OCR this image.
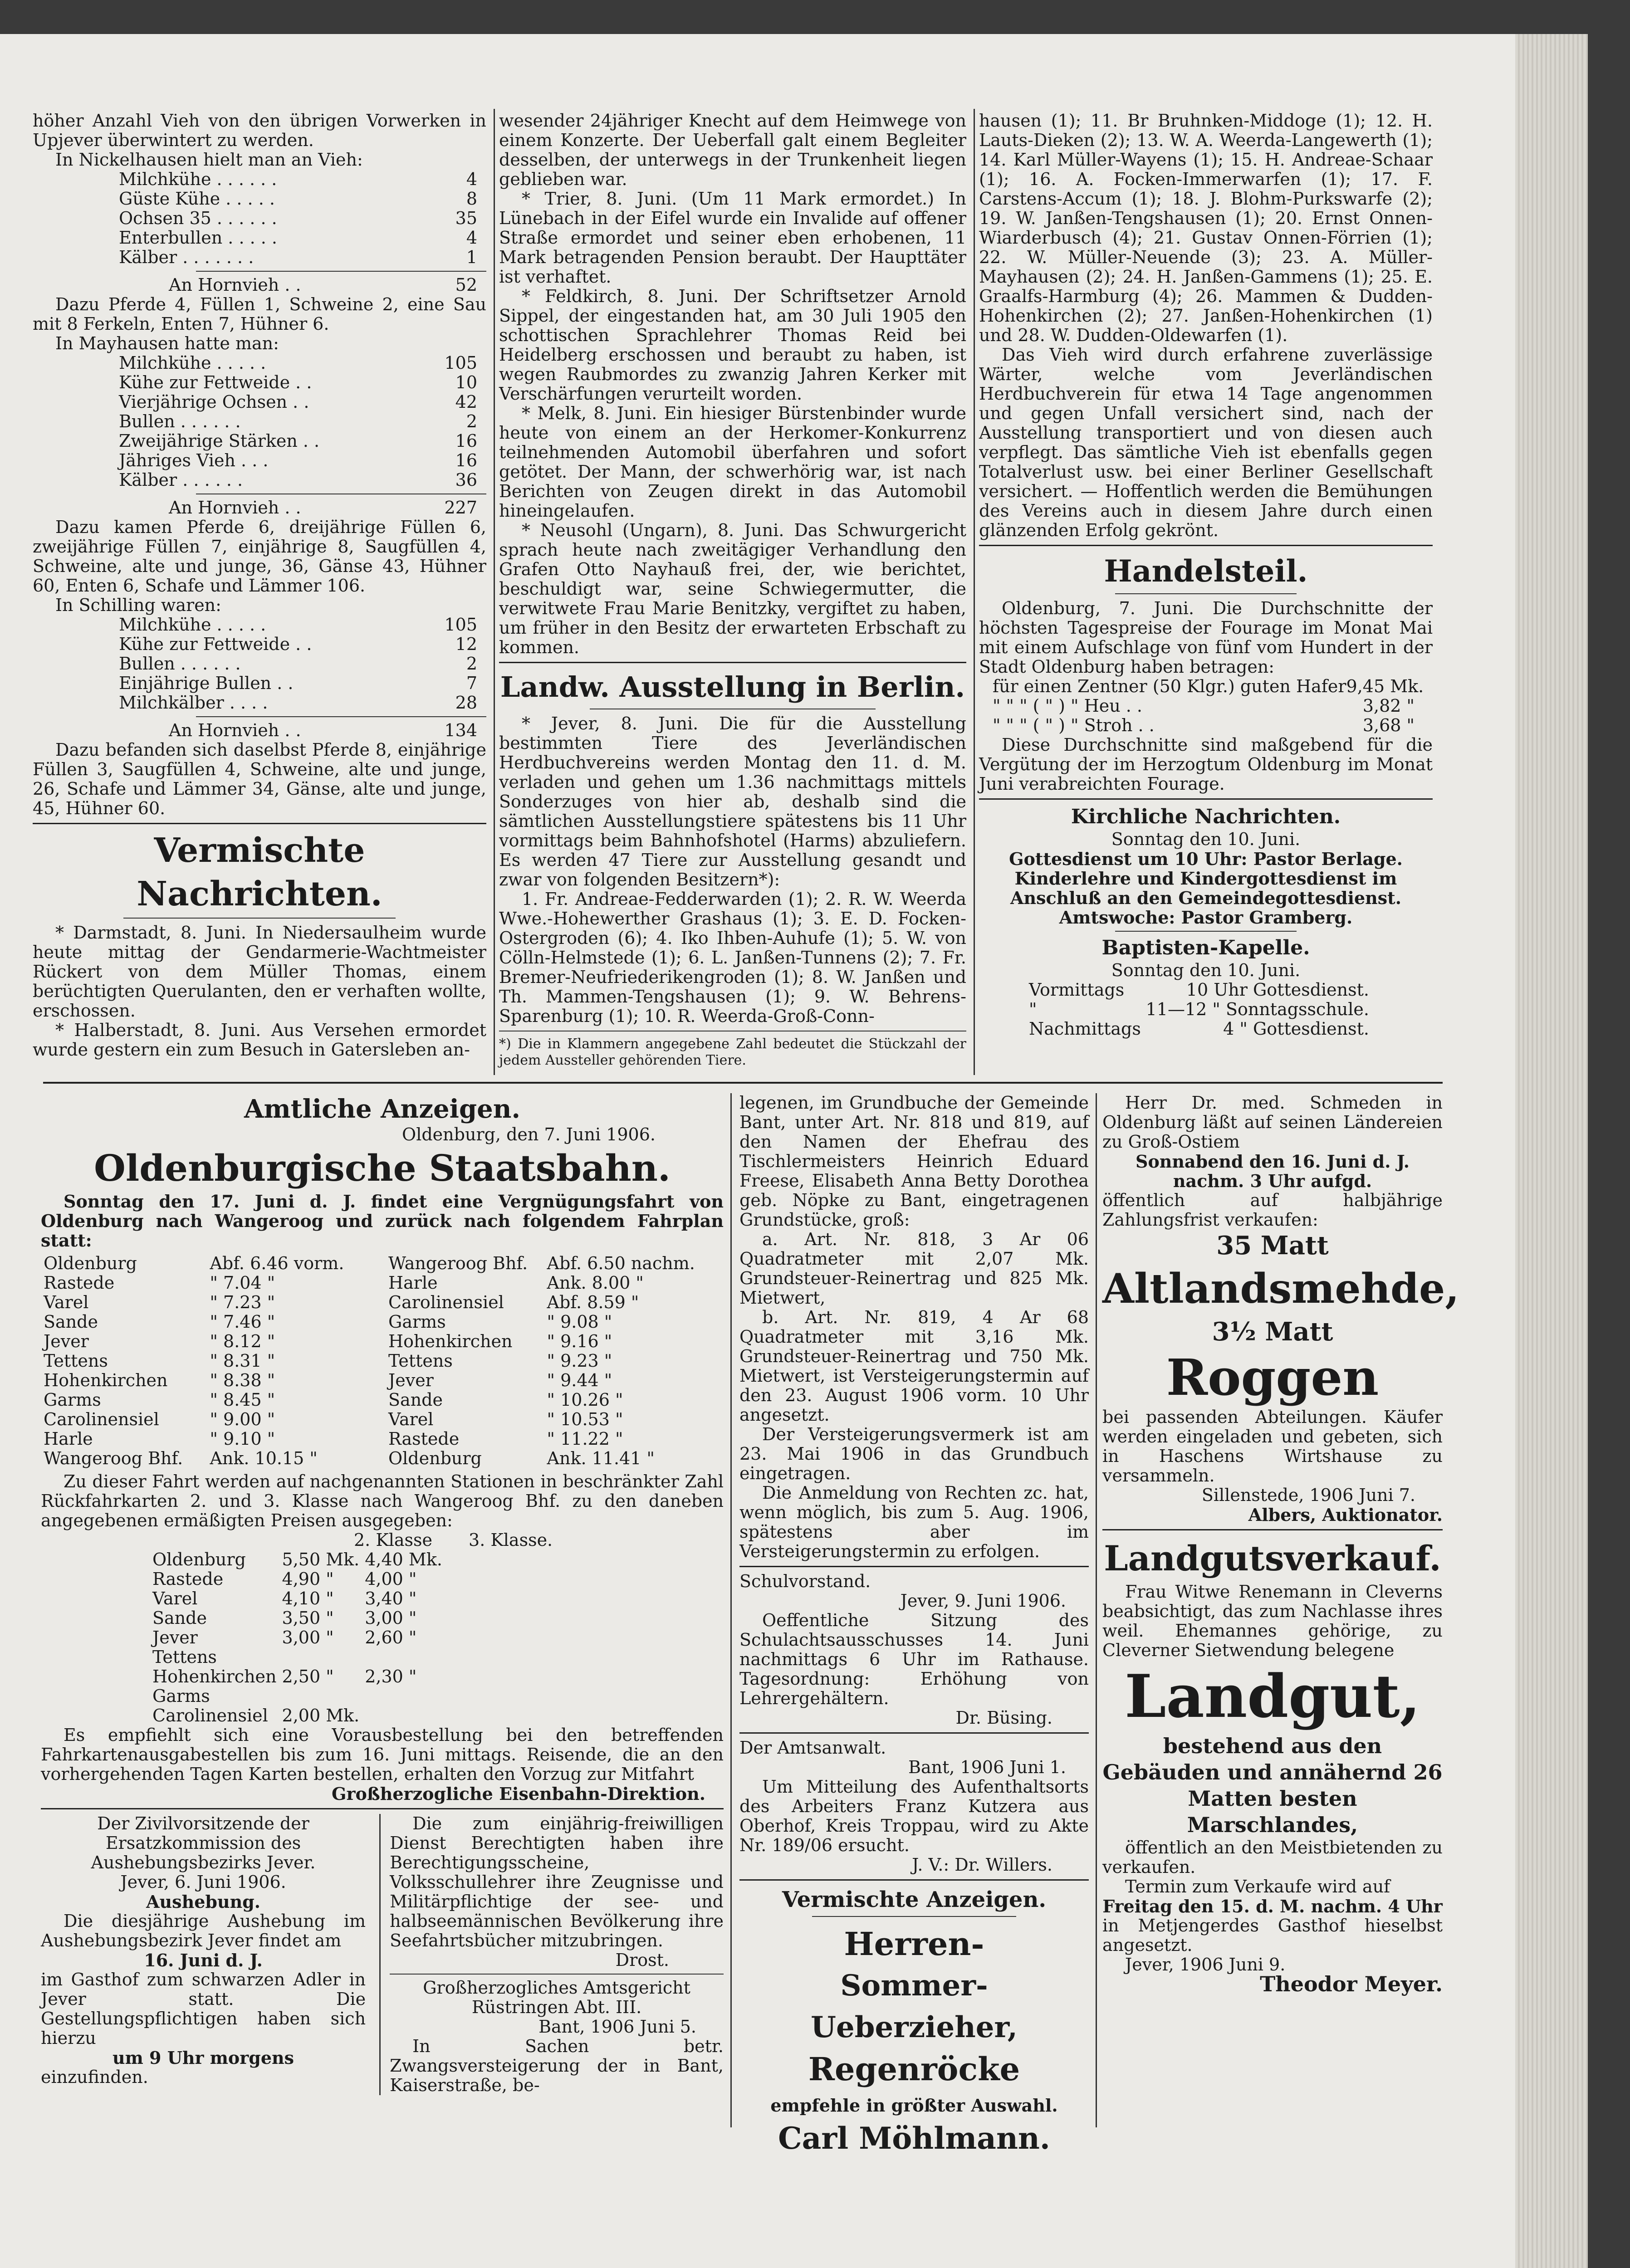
höher Anzahl Vieh von den übrigen Vorwerken in Upjever überwintert zu werden.

In Nickelhausen hielt man an Vieh:

Milchkühe . . . . . .	4
Güste Kühe . . . . .	8
Ochsen 35 . . . . . .	35
Enterbullen . . . . .	4
Kälber . . . . . . .	1
An Hornvieh . .	52

Dazu Pferde 4, Füllen 1, Schweine 2, eine Sau mit 8 Ferkeln, Enten 7, Hühner 6.

In Mayhausen hatte man:

Milchkühe . . . . .	105
Kühe zur Fettweide . .	10
Vierjährige Ochsen . .	42
Bullen . . . . . .	2
Zweijährige Stärken . .	16
Jähriges Vieh . . .	16
Kälber . . . . . .	36
An Hornvieh . .	227

Dazu kamen Pferde 6, dreijährige Füllen 6, zweijährige Füllen 7, einjährige 8, Saugfüllen 4, Schweine, alte und junge, 36, Gänse 43, Hühner 60, Enten 6, Schafe und Lämmer 106.

In Schilling waren:

Milchkühe . . . . .	105
Kühe zur Fettweide . .	12
Bullen . . . . . .	2
Einjährige Bullen . .	7
Milchkälber . . . .	28
An Hornvieh . .	134

Dazu befanden sich daselbst Pferde 8, einjährige Füllen 3, Saugfüllen 4, Schweine, alte und junge, 26, Schafe und Lämmer 34, Gänse, alte und junge, 45, Hühner 60.

Vermischte Nachrichten.

* Darmstadt, 8. Juni. In Niedersaulheim wurde heute mittag der Gendarmerie-Wachtmeister Rückert von dem Müller Thomas, einem berüchtigten Querulanten, den er verhaften wollte, erschossen.

* Halberstadt, 8. Juni. Aus Versehen ermordet wurde gestern ein zum Besuch in Gatersleben an-

wesender 24jähriger Knecht auf dem Heimwege von einem Konzerte. Der Ueberfall galt einem Begleiter desselben, der unterwegs in der Trunkenheit liegen geblieben war.

* Trier, 8. Juni. (Um 11 Mark ermordet.) In Lünebach in der Eifel wurde ein Invalide auf offener Straße ermordet und seiner eben erhobenen, 11 Mark betragenden Pension beraubt. Der Haupttäter ist verhaftet.

* Feldkirch, 8. Juni. Der Schriftsetzer Arnold Sippel, der eingestanden hat, am 30 Juli 1905 den schottischen Sprachlehrer Thomas Reid bei Heidelberg erschossen und beraubt zu haben, ist wegen Raubmordes zu zwanzig Jahren Kerker mit Verschärfungen verurteilt worden.

* Melk, 8. Juni. Ein hiesiger Bürstenbinder wurde heute von einem an der Herkomer-Konkurrenz teilnehmenden Automobil überfahren und sofort getötet. Der Mann, der schwerhörig war, ist nach Berichten von Zeugen direkt in das Automobil hineingelaufen.

* Neusohl (Ungarn), 8. Juni. Das Schwurgericht sprach heute nach zweitägiger Verhandlung den Grafen Otto Nayhauß frei, der, wie berichtet, beschuldigt war, seine Schwiegermutter, die verwitwete Frau Marie Benitzky, vergiftet zu haben, um früher in den Besitz der erwarteten Erbschaft zu kommen.

Landw. Ausstellung in Berlin.

* Jever, 8. Juni. Die für die Ausstellung bestimmten Tiere des Jeverländischen Herdbuchvereins werden Montag den 11. d. M. verladen und gehen um 1.36 nachmittags mittels Sonderzuges von hier ab, deshalb sind die sämtlichen Ausstellungstiere spätestens bis 11 Uhr vormittags beim Bahnhofshotel (Harms) abzuliefern. Es werden 47 Tiere zur Ausstellung gesandt und zwar von folgenden Besitzern*):

1. Fr. Andreae-Fedderwarden (1); 2. R. W. Weerda Wwe.-Hohewerther Grashaus (1); 3. E. D. Focken-Ostergroden (6); 4. Iko Ihben-Auhufe (1); 5. W. von Cölln-Helmstede (1); 6. L. Janßen-Tunnens (2); 7. Fr. Bremer-Neufriederikengroden (1); 8. W. Janßen und Th. Mammen-Tengshausen (1); 9. W. Behrens-Sparenburg (1); 10. R. Weerda-Groß-Conn-

*) Die in Klammern angegebene Zahl bedeutet die Stückzahl der jedem Aussteller gehörenden Tiere.

hausen (1); 11. Br Bruhnken-Middoge (1); 12. H. Lauts-Dieken (2); 13. W. A. Weerda-Langewerth (1); 14. Karl Müller-Wayens (1); 15. H. Andreae-Schaar (1); 16. A. Focken-Immerwarfen (1); 17. F. Carstens-Accum (1); 18. J. Blohm-Purkswarfe (2); 19. W. Janßen-Tengshausen (1); 20. Ernst Onnen-Wiarderbusch (4); 21. Gustav Onnen-Förrien (1); 22. W. Müller-Neuende (3); 23. A. Müller-Mayhausen (2); 24. H. Janßen-Gammens (1); 25. E. Graalfs-Harmburg (4); 26. Mammen & Dudden-Hohenkirchen (2); 27. Janßen-Hohenkirchen (1) und 28. W. Dudden-Oldewarfen (1).

Das Vieh wird durch erfahrene zuverlässige Wärter, welche vom Jeverländischen Herdbuchverein für etwa 14 Tage angenommen und gegen Unfall versichert sind, nach der Ausstellung transportiert und von diesen auch verpflegt. Das sämtliche Vieh ist ebenfalls gegen Totalverlust usw. bei einer Berliner Gesellschaft versichert. — Hoffentlich werden die Bemühungen des Vereins auch in diesem Jahre durch einen glänzenden Erfolg gekrönt.

Handelsteil.

Oldenburg, 7. Juni. Die Durchschnitte der höchsten Tagespreise der Fourage im Monat Mai mit einem Aufschlage von fünf vom Hundert in der Stadt Oldenburg haben betragen:

für einen Zentner (50 Klgr.) guten Hafer 9,45 Mk.
" " " ( " ) " Heu . .	3,82 "
" " " ( " ) " Stroh . .	3,68 "

Diese Durchschnitte sind maßgebend für die Vergütung der im Herzogtum Oldenburg im Monat Juni verabreichten Fourage.

Kirchliche Nachrichten.

Sonntag den 10. Juni.

Gottesdienst um 10 Uhr: Pastor Berlage.

Kinderlehre und Kindergottesdienst im Anschluß an den Gemeindegottesdienst.

Amtswoche: Pastor Gramberg.

Baptisten-Kapelle.

Sonntag den 10. Juni.

Vormittags	10 Uhr Gottesdienst.
"	11—12 " Sonntagsschule.
Nachmittags	4 " Gottesdienst.
Amtliche Anzeigen.

Oldenburg, den 7. Juni 1906.

Oldenburgische Staatsbahn.

Sonntag den 17. Juni d. J. findet eine Vergnügungsfahrt von Oldenburg nach Wangeroog und zurück nach folgendem Fahrplan statt:

Oldenburg	Abf. 6.46 vorm.
Rastede	" 7.04 "
Varel	" 7.23 "
Sande	" 7.46 "
Jever	" 8.12 "
Tettens	" 8.31 "
Hohenkirchen	" 8.38 "
Garms	" 8.45 "
Carolinensiel	" 9.00 "
Harle	" 9.10 "
Wangeroog Bhf.	Ank. 10.15 "
Wangeroog Bhf.	Abf. 6.50 nachm.
Harle	Ank. 8.00 "
Carolinensiel	Abf. 8.59 "
Garms	" 9.08 "
Hohenkirchen	" 9.16 "
Tettens	" 9.23 "
Jever	" 9.44 "
Sande	" 10.26 "
Varel	" 10.53 "
Rastede	" 11.22 "
Oldenburg	Ank. 11.41 "

Zu dieser Fahrt werden auf nachgenannten Stationen in beschränkter Zahl Rückfahrkarten 2. und 3. Klasse nach Wangeroog Bhf. zu den daneben angegebenen ermäßigten Preisen ausgegeben:

2. Klasse 3. Klasse.
Oldenburg	5,50 Mk.	4,40 Mk.
Rastede	4,90 "	4,00 "
Varel	4,10 "	3,40 "
Sande	3,50 "	3,00 "
Jever	3,00 "	2,60 "
Tettens		
Hohenkirchen	2,50 "	2,30 "
Garms		
Carolinensiel	2,00 Mk.	

Es empfiehlt sich eine Vorausbestellung bei den betreffenden Fahrkartenausgabestellen bis zum 16. Juni mittags. Reisende, die an den vorhergehenden Tagen Karten bestellen, erhalten den Vorzug zur Mitfahrt

Großherzogliche Eisenbahn-Direktion.

Der Zivilvorsitzende der Ersatzkommission des Aushebungsbezirks Jever.

Jever, 6. Juni 1906.

Aushebung.

Die diesjährige Aushebung im Aushebungsbezirk Jever findet am

16. Juni d. J.

im Gasthof zum schwarzen Adler in Jever statt. Die Gestellungspflichtigen haben sich hierzu

um 9 Uhr morgens

einzufinden.

Die zum einjährig-freiwilligen Dienst Berechtigten haben ihre Berechtigungsscheine, Volksschullehrer ihre Zeugnisse und Militärpflichtige der see- und halbseemännischen Bevölkerung ihre Seefahrtsbücher mitzubringen.

Drost.

Großherzogliches Amtsgericht Rüstringen Abt. III.

Bant, 1906 Juni 5.

In Sachen betr. Zwangsversteigerung der in Bant, Kaiserstraße, be-

legenen, im Grundbuche der Gemeinde Bant, unter Art. Nr. 818 und 819, auf den Namen der Ehefrau des Tischlermeisters Heinrich Eduard Freese, Elisabeth Anna Betty Dorothea geb. Nöpke zu Bant, eingetragenen Grundstücke, groß:

a. Art. Nr. 818, 3 Ar 06 Quadratmeter mit 2,07 Mk. Grundsteuer-Reinertrag und 825 Mk. Mietwert,

b. Art. Nr. 819, 4 Ar 68 Quadratmeter mit 3,16 Mk. Grundsteuer-Reinertrag und 750 Mk. Mietwert, ist Versteigerungstermin auf den 23. August 1906 vorm. 10 Uhr angesetzt.

Der Versteigerungsvermerk ist am 23. Mai 1906 in das Grundbuch eingetragen.

Die Anmeldung von Rechten zc. hat, wenn möglich, bis zum 5. Aug. 1906, spätestens aber im Versteigerungstermin zu erfolgen.

Schulvorstand.

Jever, 9. Juni 1906.

Oeffentliche Sitzung des Schulachtsausschusses 14. Juni nachmittags 6 Uhr im Rathause. Tagesordnung: Erhöhung von Lehrergehältern.

Dr. Büsing.

Der Amtsanwalt.

Bant, 1906 Juni 1.

Um Mitteilung des Aufenthaltsorts des Arbeiters Franz Kutzera aus Oberhof, Kreis Troppau, wird zu Akte Nr. 189/06 ersucht.

J. V.: Dr. Willers.

Vermischte Anzeigen.
Herren-
Sommer-Ueberzieher,
Regenröcke

empfehle in größter Auswahl.

Carl Möhlmann.

Herr Dr. med. Schmeden in Oldenburg läßt auf seinen Ländereien zu Groß-Ostiem

Sonnabend den 16. Juni d. J. nachm. 3 Uhr aufgd.

öffentlich auf halbjährige Zahlungsfrist verkaufen:

35 Matt
Altlandsmehde,
3½ Matt
Roggen

bei passenden Abteilungen. Käufer werden eingeladen und gebeten, sich in Haschens Wirtshause zu versammeln.

Sillenstede, 1906 Juni 7.

Albers, Auktionator.

Landgutsverkauf.

Frau Witwe Renemann in Cleverns beabsichtigt, das zum Nachlasse ihres weil. Ehemannes gehörige, zu Cleverner Sietwendung belegene

Landgut,

bestehend aus den Gebäuden und annähernd 26 Matten besten Marschlandes,

öffentlich an den Meistbietenden zu verkaufen.

Termin zum Verkaufe wird auf

Freitag den 15. d. M. nachm. 4 Uhr

in Metjengerdes Gasthof hieselbst angesetzt.

Jever, 1906 Juni 9.

Theodor Meyer.
